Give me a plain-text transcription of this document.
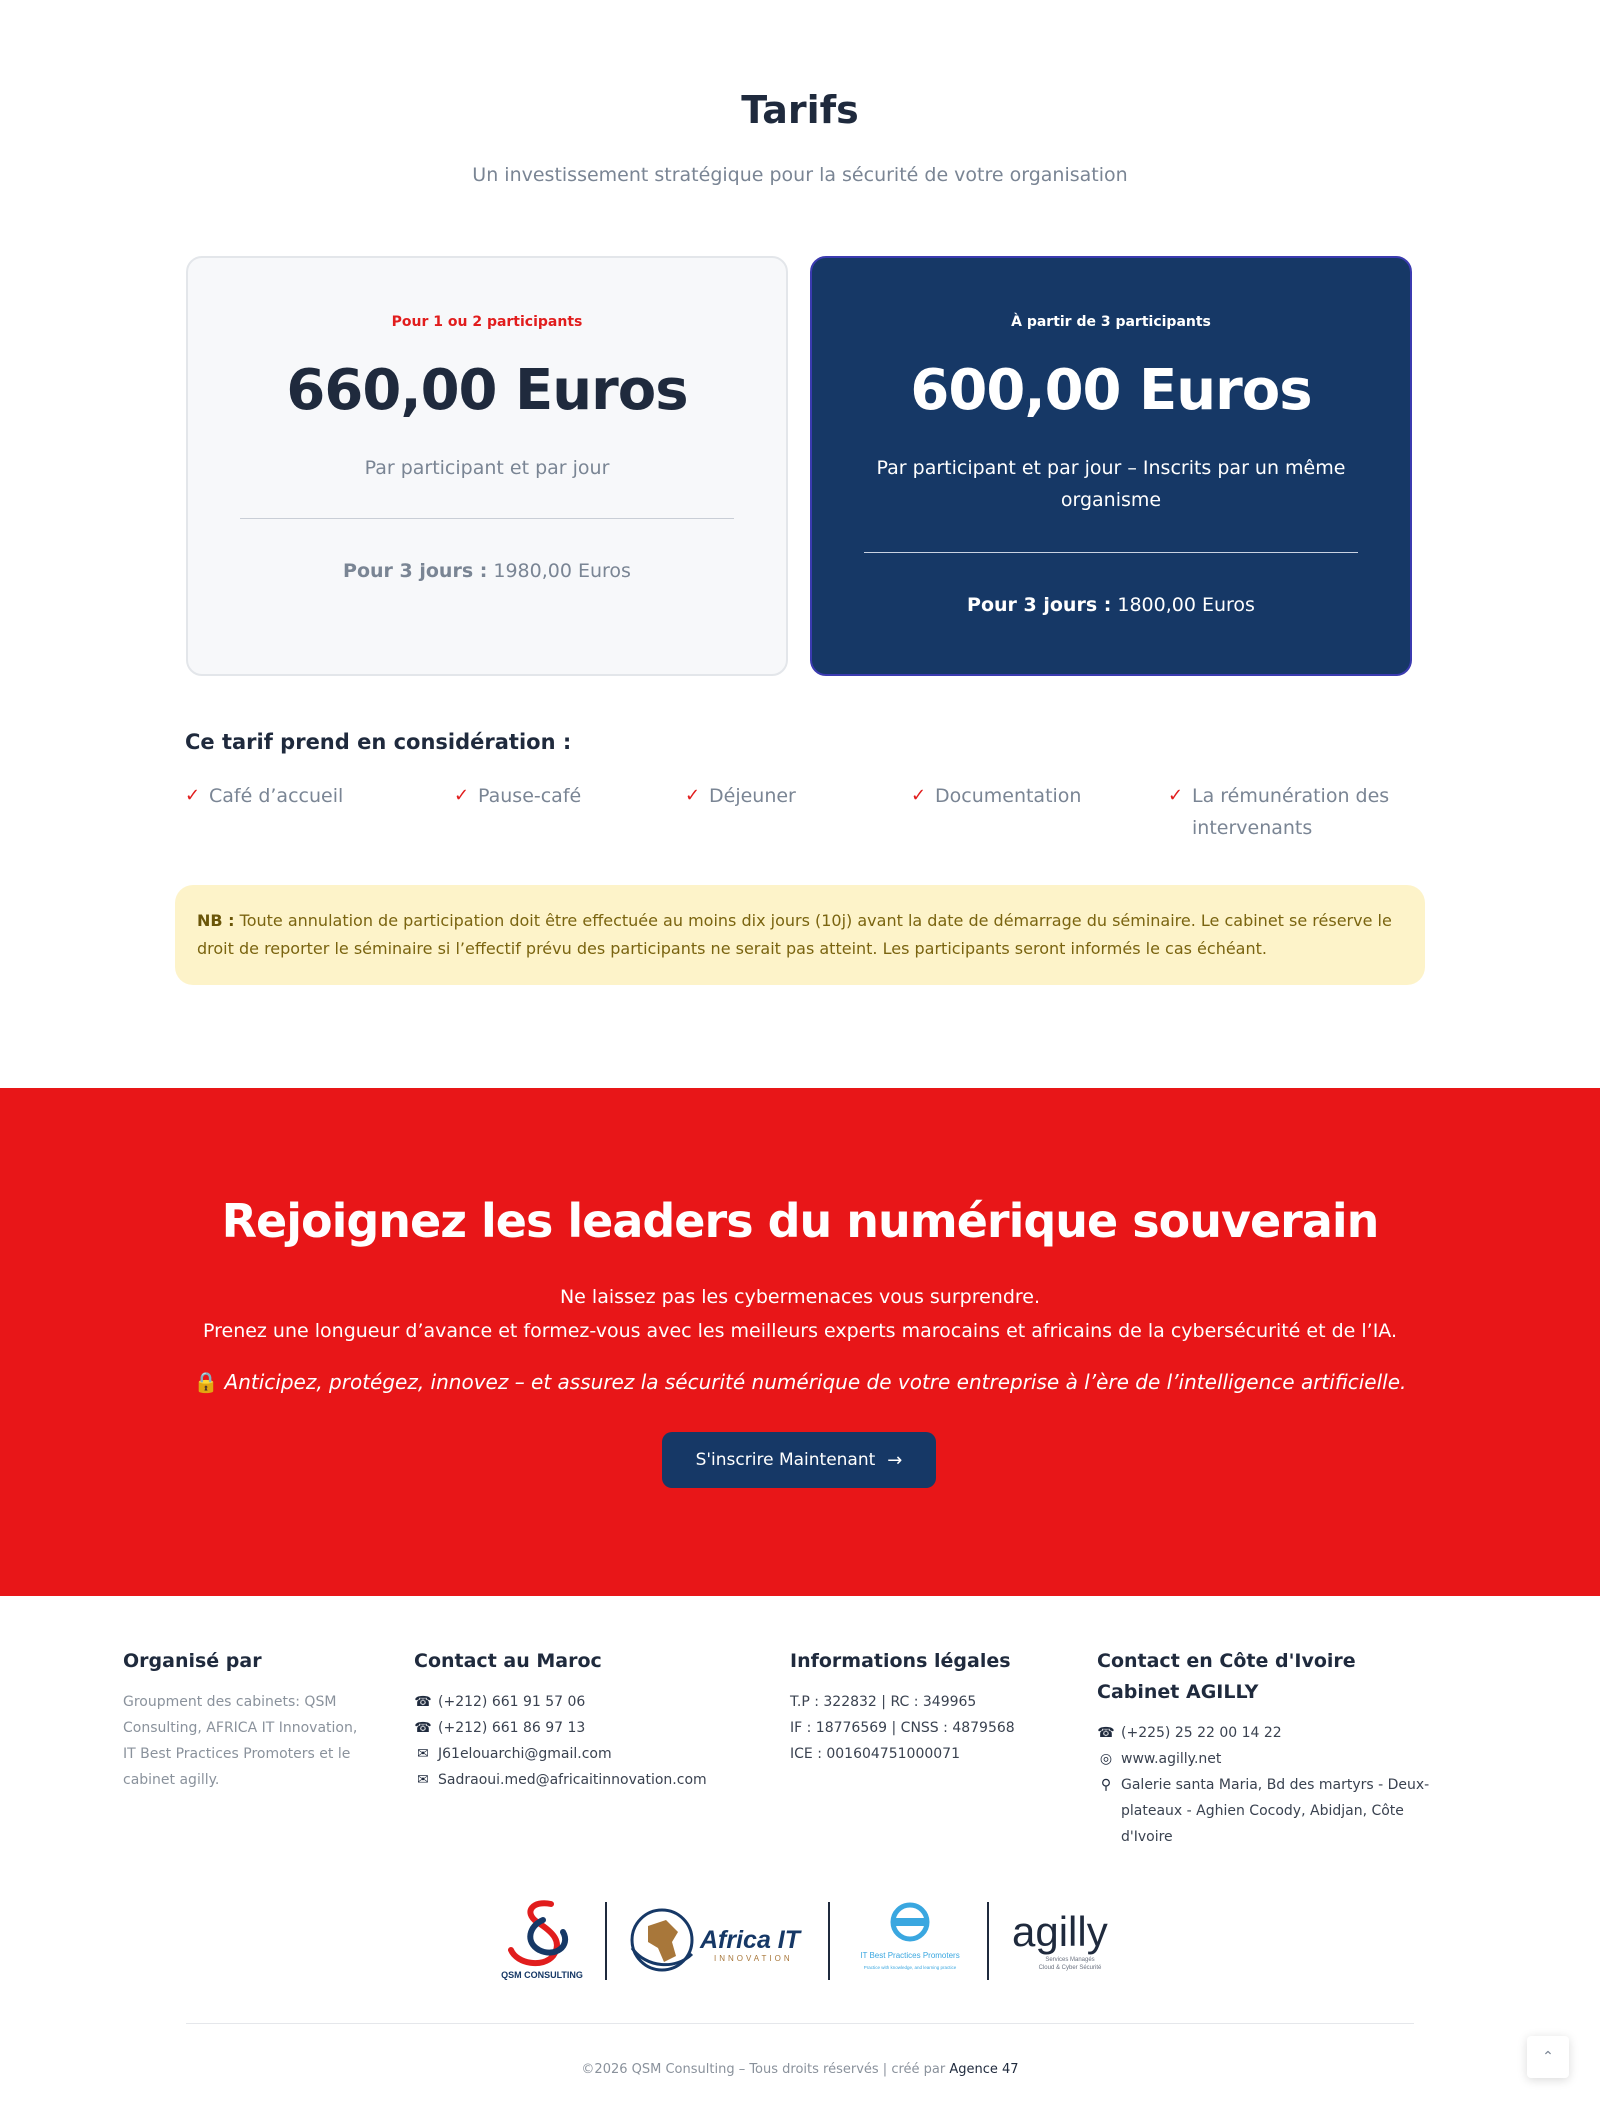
Tarifs

Un investissement stratégique pour la sécurité de votre organisation

Pour 1 ou 2 participants
660,00 Euros
Par participant et par jour
Pour 3 jours : 1980,00 Euros
À partir de 3 participants
600,00 Euros
Par participant et par jour – Inscrits par un même organisme
Pour 3 jours : 1800,00 Euros
Ce tarif prend en considération :
✓ Café d’accueil	✓ Pause-café	✓ Déjeuner	✓ Documentation	✓ La rémunération des intervenants
NB : Toute annulation de participation doit être effectuée au moins dix jours (10j) avant la date de démarrage du séminaire. Le cabinet se réserve le droit de reporter le séminaire si l’effectif prévu des participants ne serait pas atteint. Les participants seront informés le cas échéant.
Rejoignez les leaders du numérique souverain

Ne laissez pas les cybermenaces vous surprendre.

Prenez une longueur d’avance et formez-vous avec les meilleurs experts marocains et africains de la cybersécurité et de l’IA.

🔒 Anticipez, protégez, innovez – et assurez la sécurité numérique de votre entreprise à l’ère de l’intelligence artificielle.

S'inscrire Maintenant →
Organisé par
Groupment des cabinets: QSM Consulting, AFRICA IT Innovation, IT Best Practices Promoters et le cabinet agilly.
Contact au Maroc
☎ (+212) 661 91 57 06
☎ (+212) 661 86 97 13
✉ J61elouarchi@gmail.com
✉ Sadraoui.med@africaitinnovation.com
Informations légales
T.P : 322832 | RC : 349965
IF : 18776569 | CNSS : 4879568
ICE : 001604751000071
Contact en Côte d'Ivoire
Cabinet AGILLY
☎ (+225) 25 22 00 14 22
◎ www.agilly.net
⚲ Galerie santa Maria, Bd des martyrs - Deux-plateaux - Aghien Cocody, Abidjan, Côte d'Ivoire
QSM CONSULTING
Africa IT
INNOVATION	IT Best Practices Promoters
Practice with knowledge, and learning practice
agilly
Services Managés
Cloud & Cyber Sécurité
©2026 QSM Consulting – Tous droits réservés | créé par Agence 47
⌃
